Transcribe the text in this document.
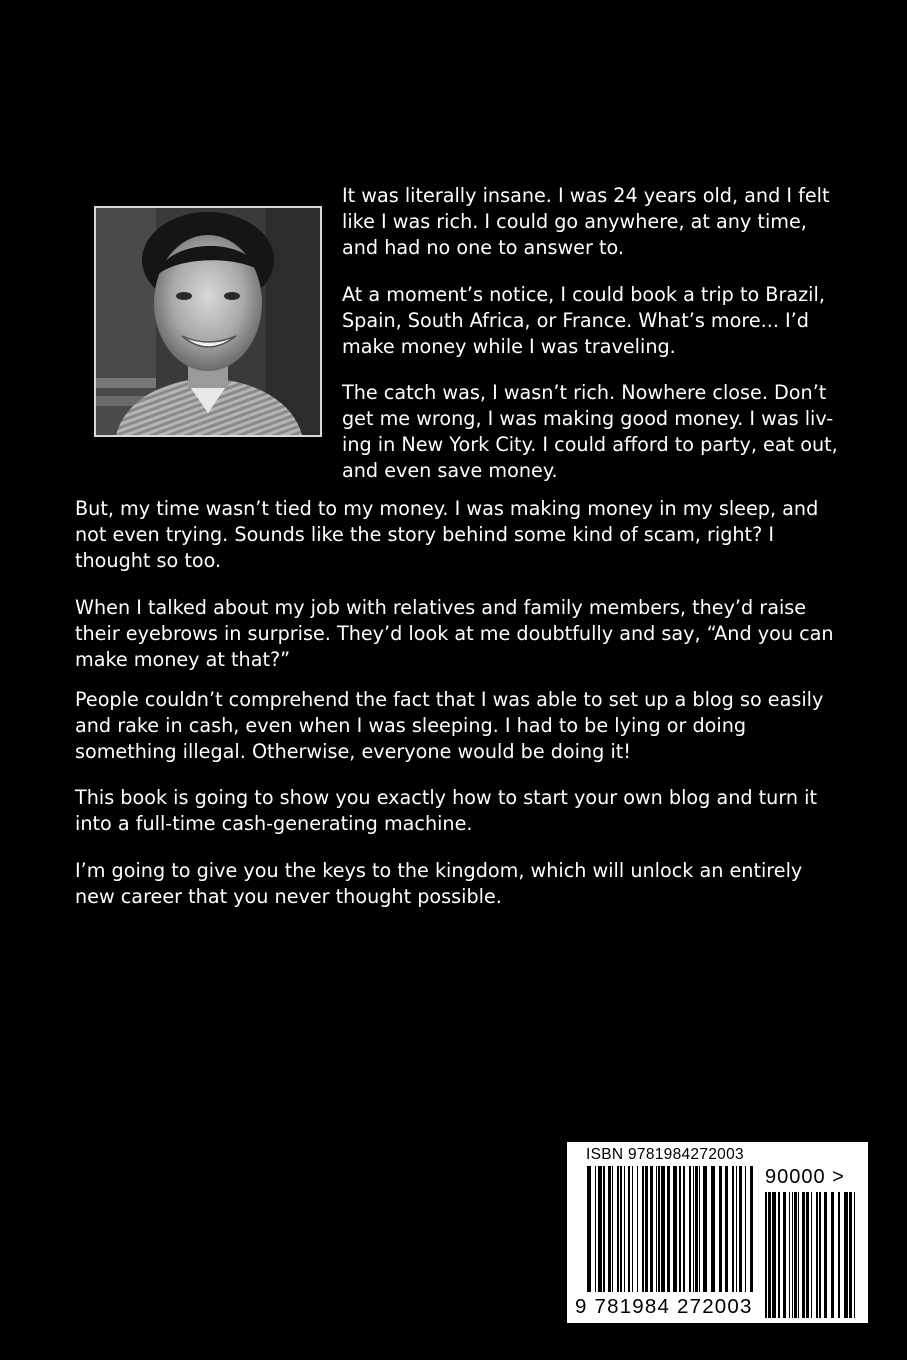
It was literally insane. I was 24 years old, and I felt like I was rich. I could go anywhere, at any time, and had no one to answer to.

At a moment’s notice, I could book a trip to Brazil, Spain, South Africa, or France. What’s more... I’d make money while I was traveling.

The catch was, I wasn’t rich. Nowhere close. Don’t get me wrong, I was making good money. I was liv-ing in New York City. I could afford to party, eat out, and even save money.

But, my time wasn’t tied to my money. I was making money in my sleep, and not even trying. Sounds like the story behind some kind of scam, right? I thought so too.

When I talked about my job with relatives and family members, they’d raise their eyebrows in surprise. They’d look at me doubtfully and say, “And you can make money at that?”

People couldn’t comprehend the fact that I was able to set up a blog so easily and rake in cash, even when I was sleeping. I had to be lying or doing something illegal. Otherwise, everyone would be doing it!

This book is going to show you exactly how to start your own blog and turn it into a full-time cash-generating machine.

I’m going to give you the keys to the kingdom, which will unlock an entirely new career that you never thought possible.

ISBN 9781984272003
90000 >
9 781984 272003
